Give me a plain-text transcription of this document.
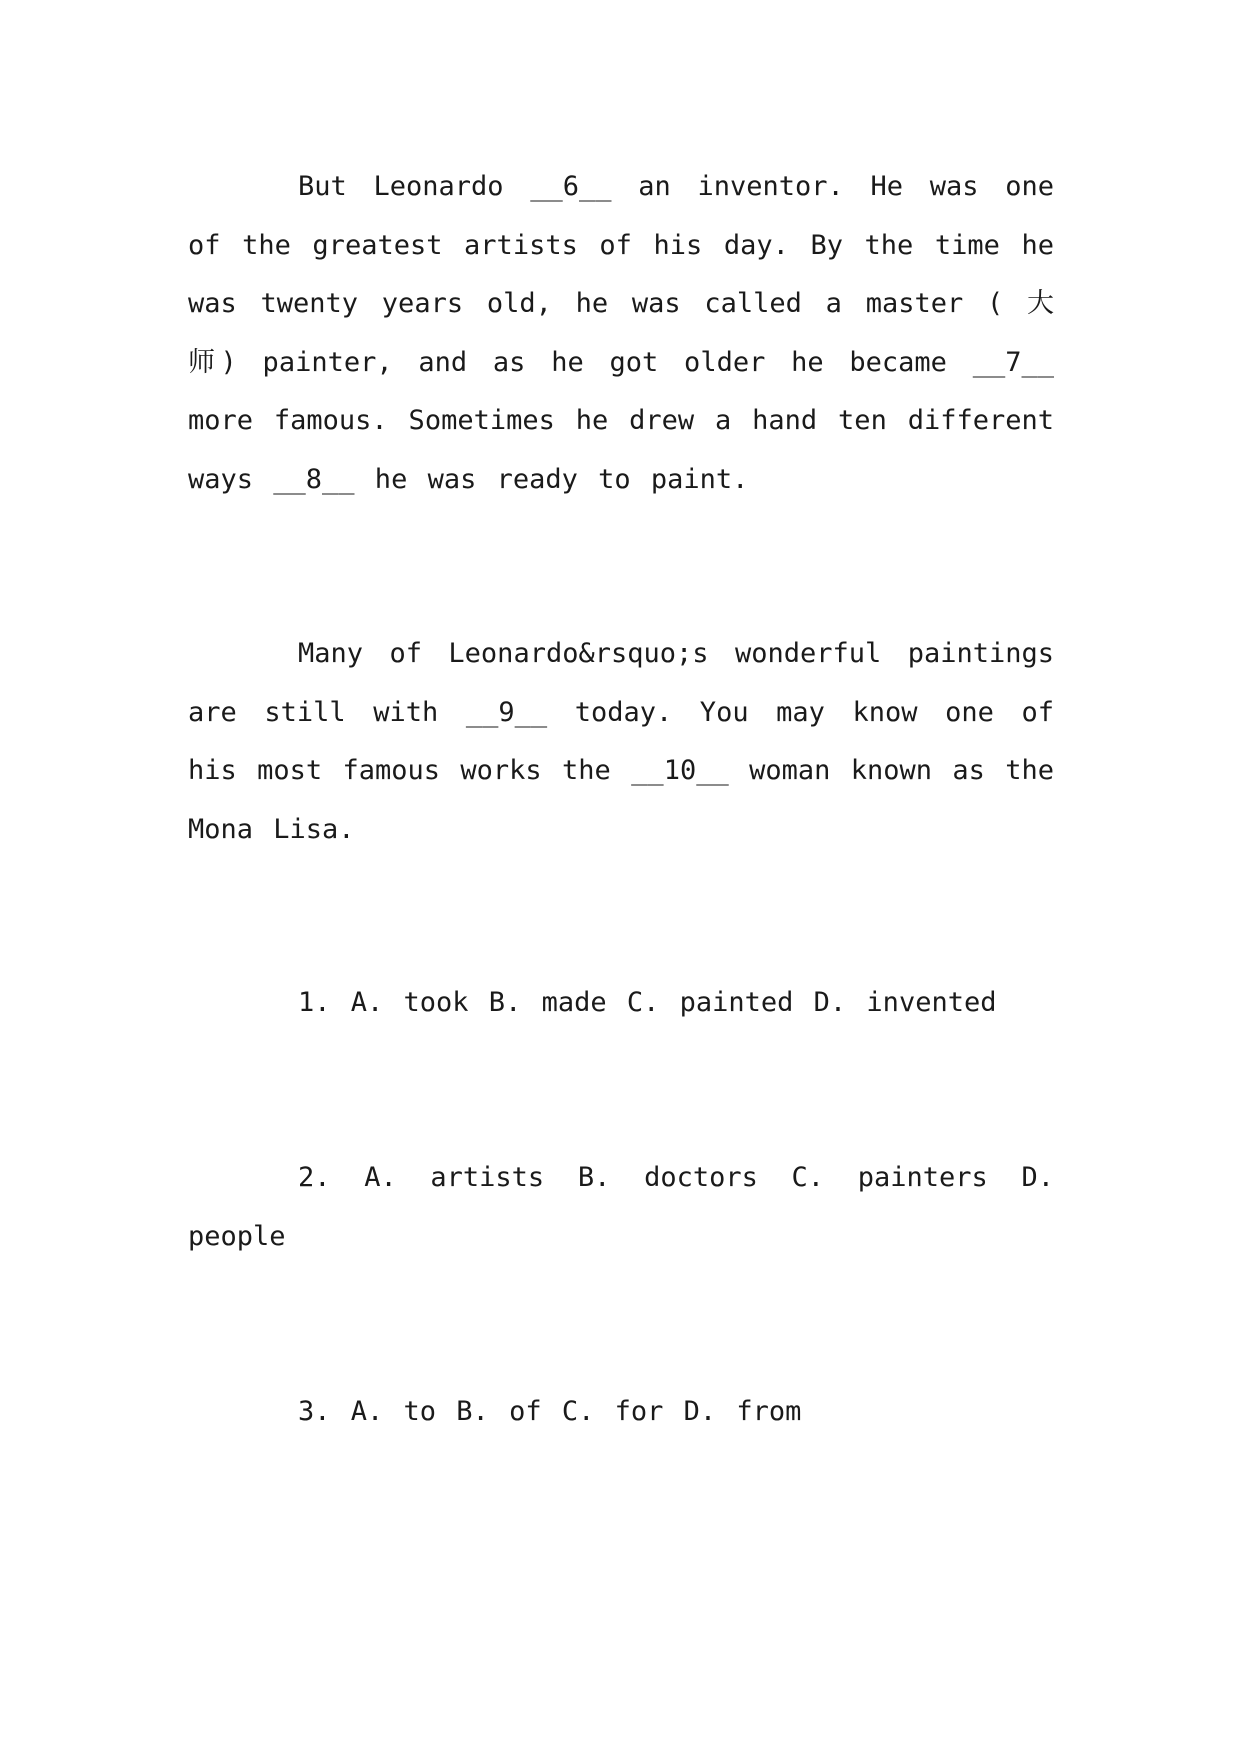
But Leonardo __6__ an inventor. He was one of the greatest artists of his day. By the time he was twenty years old, he was called a master ( 大师) painter, and as he got older he became __7__ more famous. Sometimes he drew a hand ten different ways __8__ he was ready to paint.

Many of Leonardo&rsquo;s wonderful paintings are still with __9__ today. You may know one of his most famous works the __10__ woman known as the Mona Lisa.

1. A. took B. made C. painted D. invented

2. A. artists B. doctors C. painters D. people

3. A. to B. of C. for D. from
